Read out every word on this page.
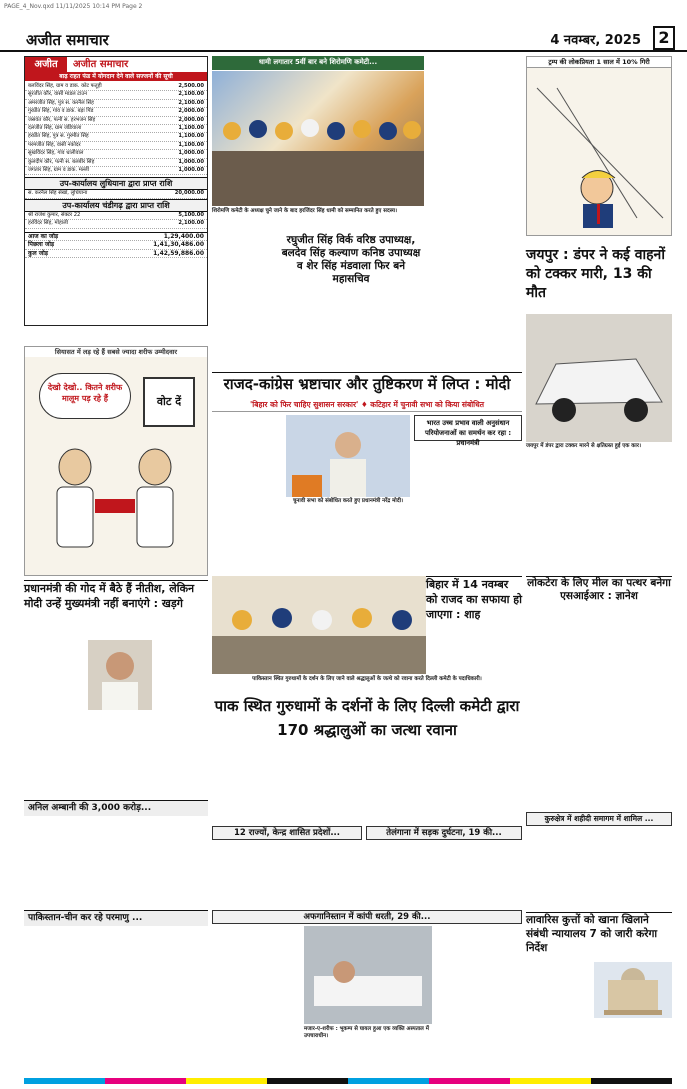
PAGE_4_Nov.qxd 11/11/2025 10:14 PM Page 2
अजीत समाचार	4 नवम्बर, 2025	2
अजीत	अजीत समाचार
बाढ़ राहत फंड में योगदान देने वाले सज्जनों की सूची
बलविंदर सिंह, ग्राम व डाक. कोट फतूही	2,500.00
सुरजीत कौर, वासी माडल टाउन	2,100.00
अमरजीत सिंह, पुत्र स. करनैल सिंह	2,100.00
गुरप्रीत सिंह, गांव व डाक. बड़ा पिंड	2,000.00
जसवंत कौर, पत्नी स. हरभजन सिंह	2,000.00
दलजीत सिंह, ग्राम जंडियाला	1,100.00
हरप्रीत सिंह, पुत्र स. गुरमीत सिंह	1,100.00
परमजीत सिंह, वासी नकोदर	1,100.00
सुखविंदर सिंह, गांव धालीवाल	1,000.00
कुलदीप कौर, पत्नी स. बलबीर सिंह	1,000.00
जगतार सिंह, ग्राम व डाक. मल्ली	1,000.00
उप-कार्यालय लुधियाना द्वारा प्राप्त राशि
स. करनैल सिंह सेखों, लुधियाना	20,000.00
उप-कार्यालय चंडीगढ़ द्वारा प्राप्त राशि
श्री राजेश कुमार, सेक्टर 22	5,100.00
हरविंदर सिंह, मोहाली	2,100.00
आज का जोड़	1,29,400.00
पिछला जोड़	1,41,30,486.00
कुल जोड़	1,42,59,886.00

सियासत में लड़ रहे हैं सबसे ज्यादा शरीफ उम्मीदवार
देखो देखो.. कितने शरीफ मालूम पड़ रहे हैं	वोट दें
धामी लगातार 5वीं बार बने शिरोमणि कमेटी...
शिरोमणि कमेटी के अध्यक्ष चुने जाने के बाद हरजिंदर सिंह धामी को सम्मानित करते हुए सदस्य।

रघुजीत सिंह विर्क वरिष्ठ उपाध्यक्ष,
बलदेव सिंह कल्याण कनिष्ठ उपाध्यक्ष
व शेर सिंह मंडवाला फिर बने महासचिव

ट्रम्प की लोकप्रियता 1 साल में 10% गिरी
जयपुर : डंपर ने कई वाहनों को टक्कर मारी, 13 की मौत
जयपुर में डंपर द्वारा टक्कर मारने से क्षतिग्रस्त हुई एक कार।

राजद-कांग्रेस भ्रष्टाचार और तुष्टिकरण में लिप्त : मोदी
'बिहार को फिर चाहिए सुशासन सरकार' ♦ कटिहार में चुनावी सभा को किया संबोधित

चुनावी सभा को संबोधित करते हुए प्रधानमंत्री नरेंद्र मोदी।

भारत उच्च प्रभाव वाली अनुसंधान परियोजनाओं का समर्थन कर रहा : प्रधानमंत्री

प्रधानमंत्री की गोद में बैठे हैं नीतीश, लेकिन मोदी उन्हें मुख्यमंत्री नहीं बनाएंगे : खड़गे

अनिल अम्बानी की 3,000 करोड़...

पाकिस्तान-चीन कर रहे परमाणु ...

पाकिस्तान स्थित गुरुधामों के दर्शन के लिए जाने वाले श्रद्धालुओं के जत्थे को रवाना करते दिल्ली कमेटी के पदाधिकारी।
पाक स्थित गुरुधामों के दर्शनों के लिए दिल्ली कमेटी द्वारा 170 श्रद्धालुओं का जत्था रवाना

12 राज्यों, केन्द्र शासित प्रदेशों...
	तेलंगाना में सड़क दुर्घटना, 19 की...

अफगानिस्तान में कांपी धरती, 29 की...

मजार-ए-शरीफ : भूकम्प से घायल हुआ एक व्यक्ति अस्पताल में उपचाराधीन।

लोकटेरा के लिए मील का पत्थर बनेगा एसआईआर : ज्ञानेश

कुरुक्षेत्र में शहीदी समागम में शामिल ...

लावारिस कुत्तों को खाना खिलाने संबंधी न्यायालय 7 को जारी करेगा निर्देश

बिहार में 14 नवम्बर को राजद का सफाया हो जाएगा : शाह
